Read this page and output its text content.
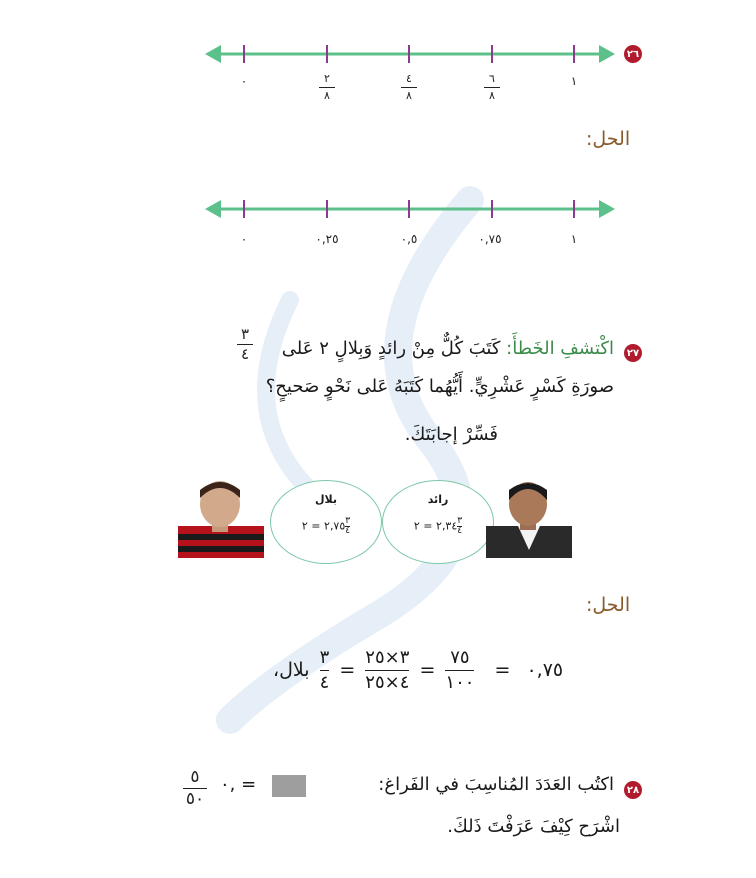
٢٦
٠	٢
٨
٤
٨
٦
٨
١
الحل:
٠	٠,٢٥	٠,٥	٠,٧٥	١
٢٧
اكْتشفِ الخَطأَ: كَتَبَ كُلٌّ مِنْ رائدٍ وَبِلالٍ ٢ عَلى
٣
٤
صورَةِ كَسْرٍ عَشْرِيٍّ. أَيُّهُما كَتَبَهُ عَلى نَحْوٍ صَحيحٍ؟
فَسِّرْ إجابَتَكَ.
بلال
٢,٧٥ = ٢	٣
٤
رائد
٢,٣٤ = ٢	٣
٤
الحل:
٠,٧٥ = $\frac{٧٥}{١٠٠} = \frac{٣\times ٢٥}{٤\times ٢٥} = \frac{٣}{٤}$ بلال،
٢٨
اكتُب العَدَدَ المُناسِبَ في الفَراغ:
٠, =
٥
٥٠
اشْرَح كِيْفَ عَرَفْتَ ذَلكَ.
